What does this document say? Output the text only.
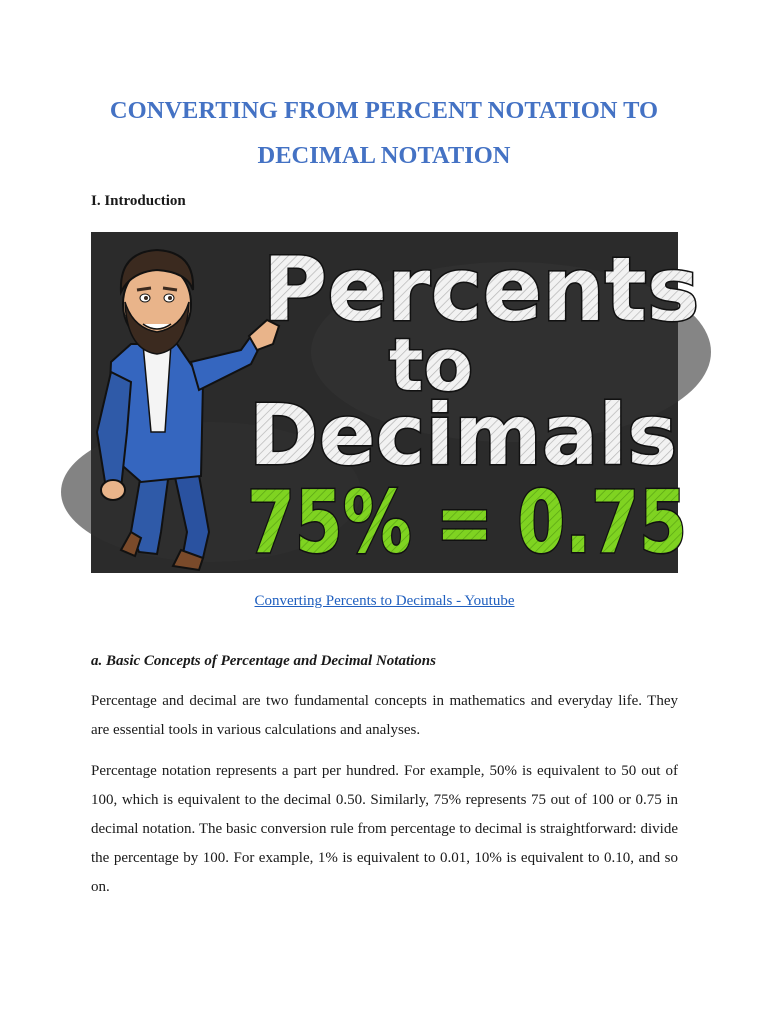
CONVERTING FROM PERCENT NOTATION TO DECIMAL NOTATION
I. Introduction
Percents
to
Decimals
75% = 0.75
Converting Percents to Decimals - Youtube
a. Basic Concepts of Percentage and Decimal Notations

Percentage and decimal are two fundamental concepts in mathematics and everyday life. They are essential tools in various calculations and analyses.

Percentage notation represents a part per hundred. For example, 50% is equivalent to 50 out of 100, which is equivalent to the decimal 0.50. Similarly, 75% represents 75 out of 100 or 0.75 in decimal notation. The basic conversion rule from percentage to decimal is straightforward: divide the percentage by 100. For example, 1% is equivalent to 0.01, 10% is equivalent to 0.10, and so on.
